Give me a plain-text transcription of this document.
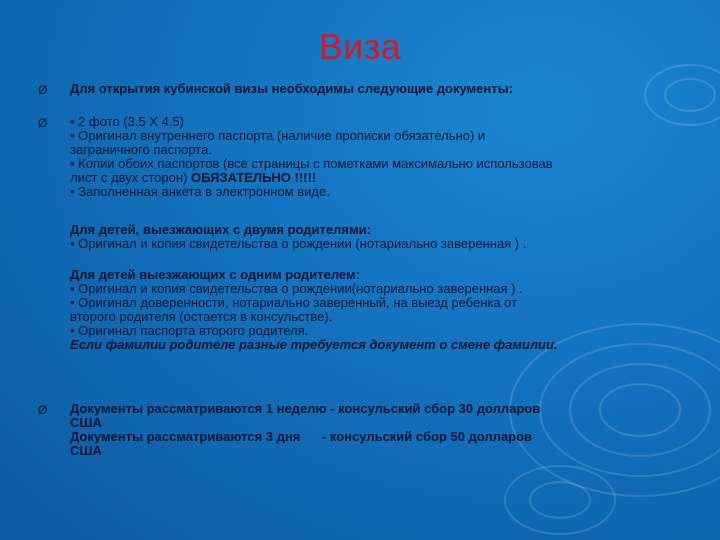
Виза
Ø Для открытия кубинской визы необходимы следующие документы:
Ø • 2 фото (3.5 Х 4.5)
• Оригинал внутреннего паспорта (наличие прописки обязательно) и
заграничного паспорта.
• Копии обоих паспортов (все страницы с пометками максимально использовав
лист с двух сторон) ОБЯЗАТЕЛЬНО !!!!!
• Заполненная анкета в электронном виде.
Для детей, выезжающих с двумя родителями:
• Оригинал и копия свидетельства о рождении (нотариально заверенная ) .
Для детей выезжающих с одним родителем:
• Оригинал и копия свидетельства о рождении(нотариально заверенная ) .
• Оригинал доверенности, нотариально заверенный, на выезд ребенка от
второго родителя (остается в консульстве).
• Оригинал паспорта второго родителя.
Если фамилии родителе разные требуется документ о смене фамилии.
Ø Документы рассматриваются 1 неделю - консульский сбор 30 долларов
США
Документы рассматриваются 3 дня      - консульский сбор 50 долларов
США
